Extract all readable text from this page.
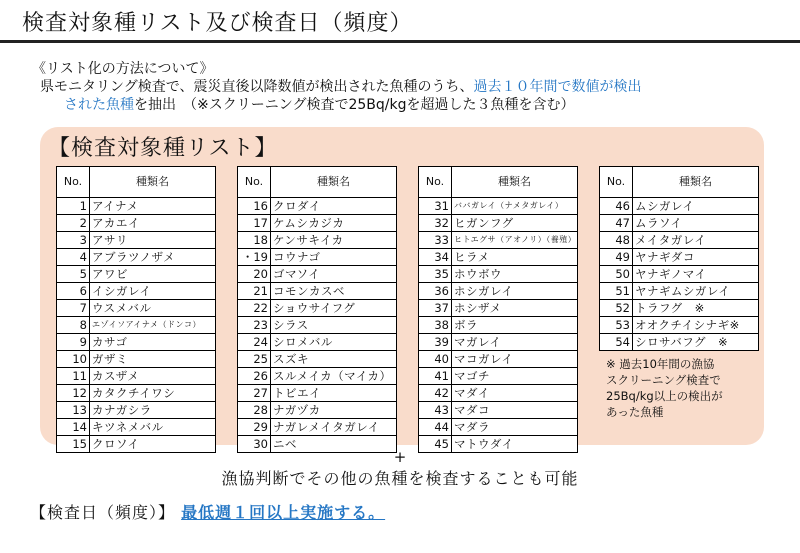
検査対象種リスト及び検査日（頻度）
《リスト化の方法について》
県モニタリング検査で、震災直後以降数値が検出された魚種のうち、過去１０年間で数値が検出
された魚種を抽出　（※スクリーニング検査で25Bq/kgを超過した３魚種を含む）
【検査対象種リスト】
No.	種類名
1	アイナメ
2	アカエイ
3	アサリ
4	アブラツノザメ
5	アワビ
6	イシガレイ
7	ウスメバル
8	エゾイソアイナメ（ドンコ）
9	カサゴ
10	ガザミ
11	カスザメ
12	カタクチイワシ
13	カナガシラ
14	キツネメバル
15	クロソイ
No.	種類名
16	クロダイ
17	ケムシカジカ
18	ケンサキイカ
・19	コウナゴ
20	ゴマソイ
21	コモンカスベ
22	ショウサイフグ
23	シラス
24	シロメバル
25	スズキ
26	スルメイカ（マイカ）
27	トビエイ
28	ナガヅカ
29	ナガレメイタガレイ
30	ニベ
No.	種類名
31	ババガレイ（ナメタガレイ）
32	ヒガンフグ
33	ヒトエグサ（アオノリ）（養殖）
34	ヒラメ
35	ホウボウ
36	ホシガレイ
37	ホシザメ
38	ボラ
39	マガレイ
40	マコガレイ
41	マゴチ
42	マダイ
43	マダコ
44	マダラ
45	マトウダイ
No.	種類名
46	ムシガレイ
47	ムラソイ
48	メイタガレイ
49	ヤナギダコ
50	ヤナギノマイ
51	ヤナギムシガレイ
52	トラフグ　※
53	オオクチイシナギ※
54	シロサバフグ　※
※ 過去10年間の漁協
スクリーニング検査で
25Bq/kg以上の検出が
あった魚種
+
漁協判断でその他の魚種を検査することも可能
【検査日（頻度）】 最低週１回以上実施する。
